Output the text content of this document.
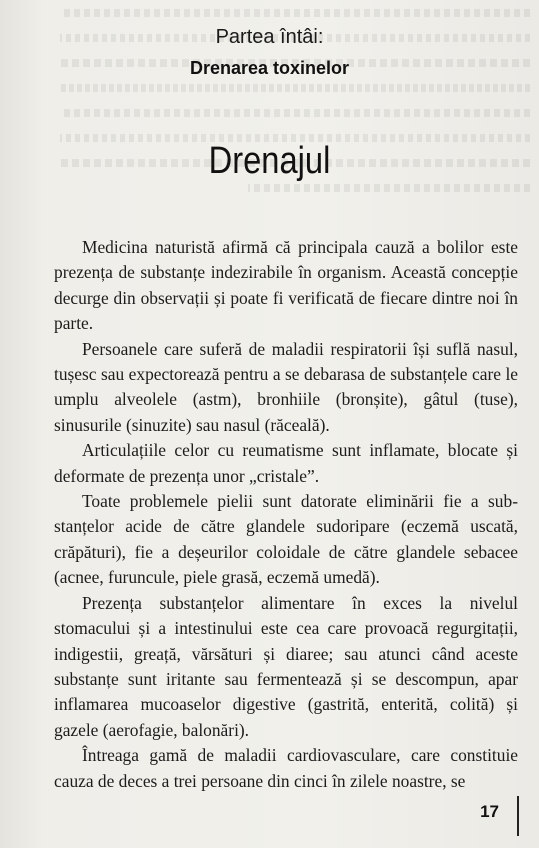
Partea întâi:
Drenarea toxinelor
Drenajul

Medicina naturistă afirmă că principala cauză a bolilor este prezența de substanțe indezirabile în organism. Această concepție decurge din observații și poate fi verificată de fiecare dintre noi în parte.

Persoanele care suferă de maladii respiratorii își suflă nasul, tușesc sau expectorează pentru a se debarasa de substanțele care le umplu alveolele (astm), bronhiile (bronșite), gâtul (tuse), sinusurile (sinuzite) sau nasul (răceală).

Articulațiile celor cu reumatisme sunt inflamate, blocate și deformate de prezența unor „cristale”.

Toate problemele pielii sunt datorate eliminării fie a substanțelor acide de către glandele sudoripare (eczemă uscată, crăpături), fie a deșeurilor coloidale de către glandele sebacee (acnee, furuncule, piele grasă, eczemă umedă).

Prezența substanțelor alimentare în exces la nivelul stomacului și a intestinului este cea care provoacă regurgitații, indigestii, greață, vărsături și diaree; sau atunci când aceste substanțe sunt iritante sau fermentează și se descompun, apar inflamarea mucoaselor digestive (gastrită, enterită, colită) și gazele (aerofagie, balonări).

Întreaga gamă de maladii cardiovasculare, care constituie cauza de deces a trei persoane din cinci în zilele noastre, se

17
